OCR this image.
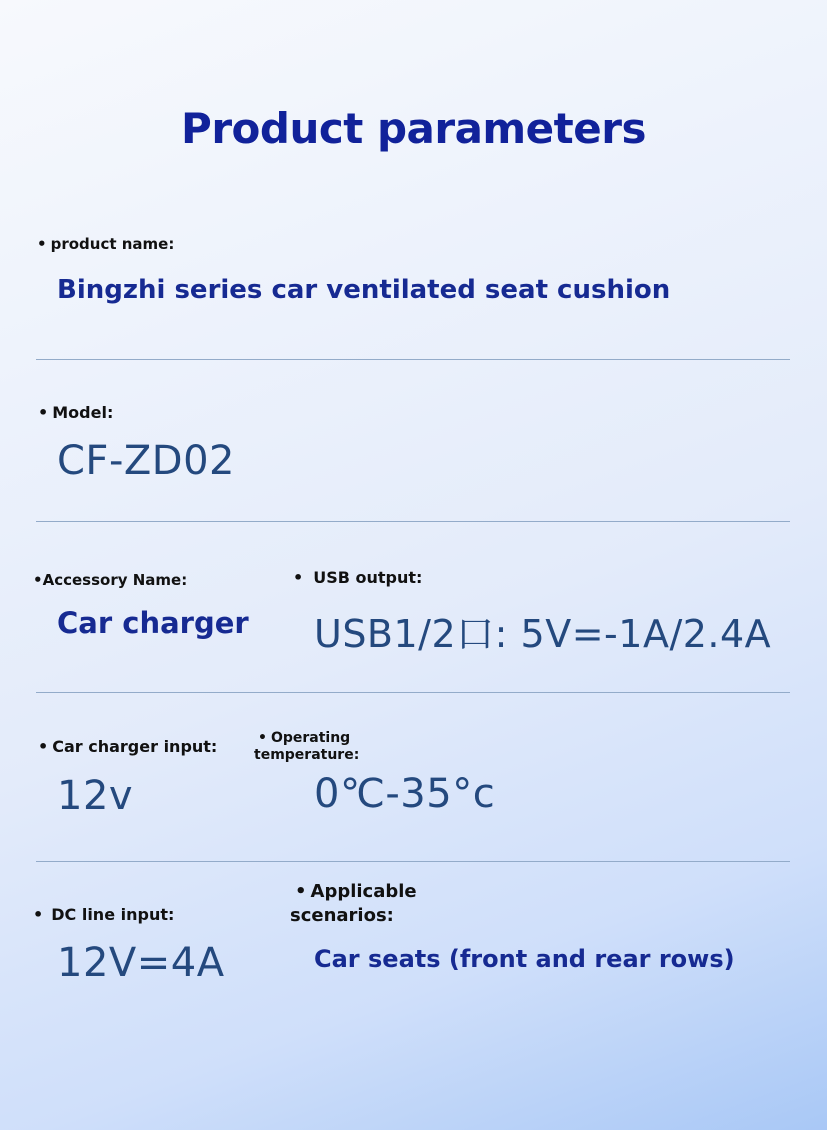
Product parameters
• product name:
Bingzhi series car ventilated seat cushion
• Model:
CF-ZD02
•Accessory Name:
Car charger
• USB output:
USB1/2口: 5V=-1A/2.4A
• Car charger input:
12v
• Operating
temperature:
0℃-35°c
• DC line input:
12V=4A
• Applicable
scenarios:
Car seats (front and rear rows)
